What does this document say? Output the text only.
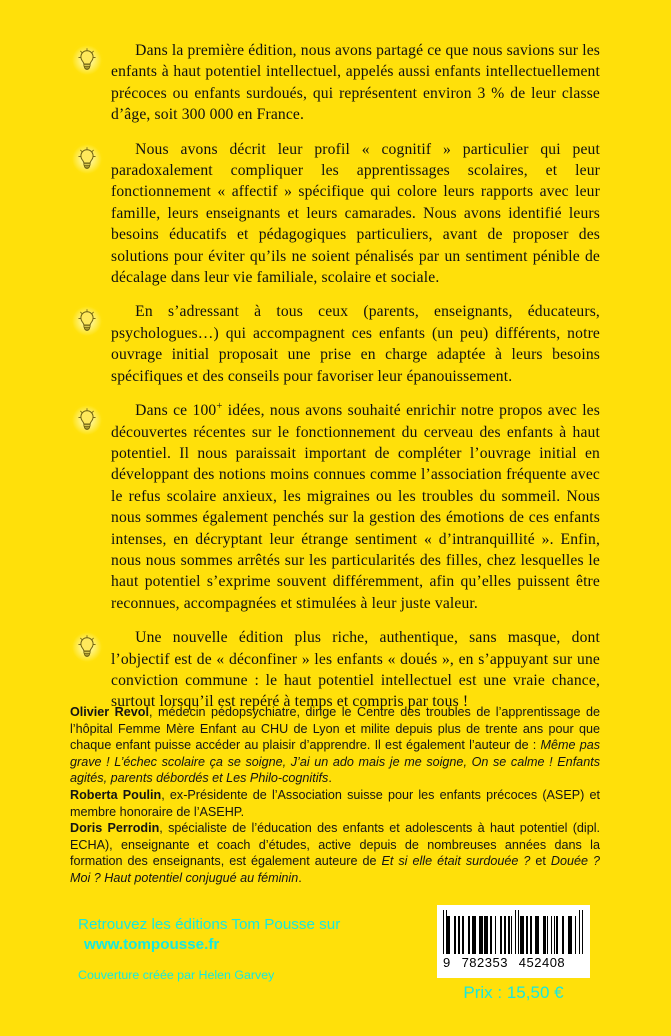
Dans la première édition, nous avons partagé ce que nous savions sur les enfants à haut potentiel intellectuel, appelés aussi enfants intellectuellement précoces ou enfants surdoués, qui représentent environ 3 % de leur classe d’âge, soit 300 000 en France.

Nous avons décrit leur profil « cognitif » particulier qui peut paradoxalement compliquer les apprentissages scolaires, et leur fonctionnement « affectif » spécifique qui colore leurs rapports avec leur famille, leurs enseignants et leurs camarades. Nous avons identifié leurs besoins éducatifs et pédagogiques particuliers, avant de proposer des solutions pour éviter qu’ils ne soient pénalisés par un sentiment pénible de décalage dans leur vie familiale, scolaire et sociale.

En s’adressant à tous ceux (parents, enseignants, éducateurs, psychologues…) qui accompagnent ces enfants (un peu) différents, notre ouvrage initial proposait une prise en charge adaptée à leurs besoins spécifiques et des conseils pour favoriser leur épanouissement.

Dans ce 100+ idées, nous avons souhaité enrichir notre propos avec les découvertes récentes sur le fonctionnement du cerveau des enfants à haut potentiel. Il nous paraissait important de compléter l’ouvrage initial en développant des notions moins connues comme l’association fréquente avec le refus scolaire anxieux, les migraines ou les troubles du sommeil. Nous nous sommes également penchés sur la gestion des émotions de ces enfants intenses, en décryptant leur étrange sentiment « d’intranquillité ». Enfin, nous nous sommes arrêtés sur les particularités des filles, chez lesquelles le haut potentiel s’exprime souvent différemment, afin qu’elles puissent être reconnues, accompagnées et stimulées à leur juste valeur.

Une nouvelle édition plus riche, authentique, sans masque, dont l’objectif est de « déconfiner » les enfants « doués », en s’appuyant sur une conviction commune : le haut potentiel intellectuel est une vraie chance, surtout lorsqu’il est repéré à temps et compris par tous !

Olivier Revol, médecin pédopsychiatre, dirige le Centre des troubles de l’apprentissage de l’hôpital Femme Mère Enfant au CHU de Lyon et milite depuis plus de trente ans pour que chaque enfant puisse accéder au plaisir d’apprendre. Il est également l’auteur de : Même pas grave ! L’échec scolaire ça se soigne, J’ai un ado mais je me soigne, On se calme ! Enfants agités, parents débordés et Les Philo-cognitifs.

Roberta Poulin, ex-Présidente de l’Association suisse pour les enfants précoces (ASEP) et membre honoraire de l’ASEHP.

Doris Perrodin, spécialiste de l’éducation des enfants et adolescents à haut potentiel (dipl. ECHA), enseignante et coach d’études, active depuis de nombreuses années dans la formation des enseignants, est également auteure de Et si elle était surdouée ? et Douée ? Moi ? Haut potentiel conjugué au féminin.

Retrouvez les éditions Tom Pousse sur
www.tompousse.fr
Couverture créée par Helen Garvey
9 782353 452408
Prix : 15,50 €
